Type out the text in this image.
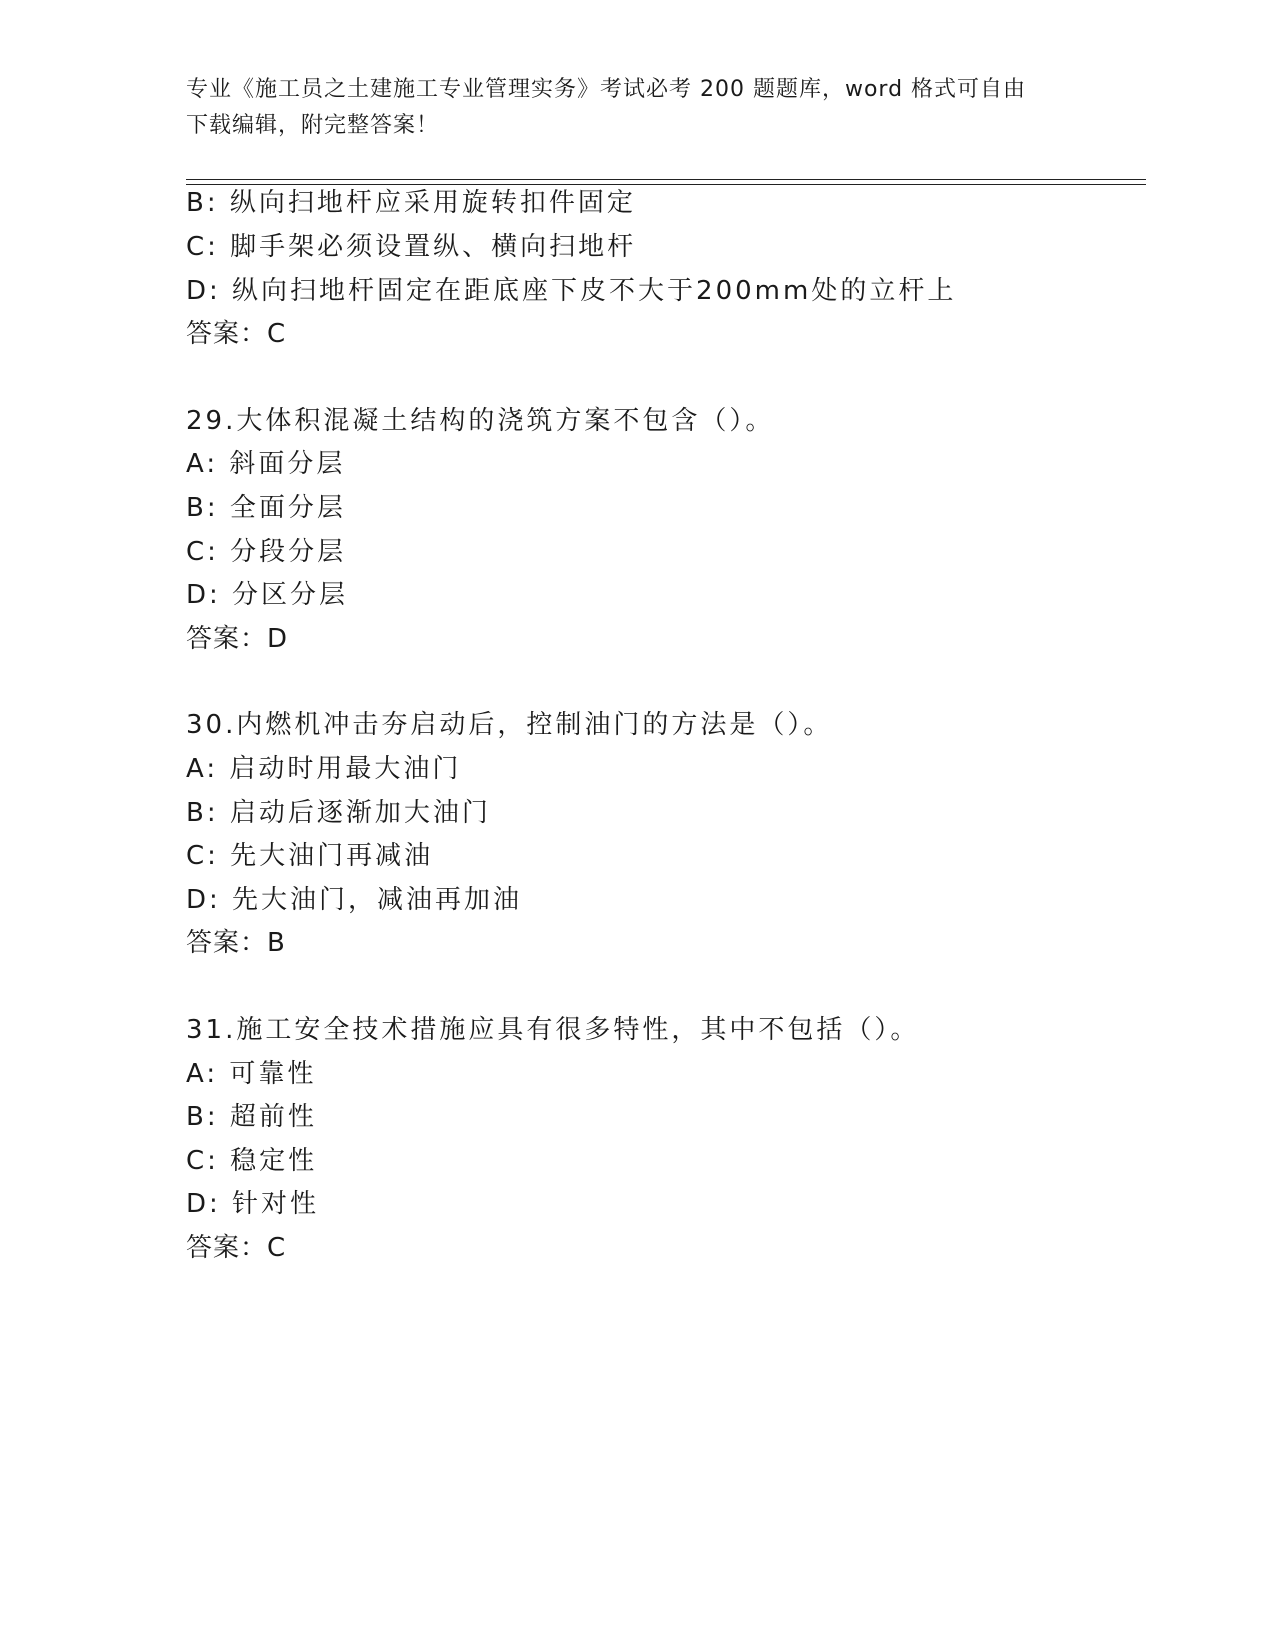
专业《施工员之土建施工专业管理实务》考试必考 200 题题库，word 格式可自由
下载编辑，附完整答案！
B: 纵向扫地杆应采用旋转扣件固定
C: 脚手架必须设置纵、横向扫地杆
D: 纵向扫地杆固定在距底座下皮不大于200mm处的立杆上
答案：C
29.大体积混凝土结构的浇筑方案不包含（）。
A: 斜面分层
B: 全面分层
C: 分段分层
D: 分区分层
答案：D
30.内燃机冲击夯启动后，控制油门的方法是（）。
A: 启动时用最大油门
B: 启动后逐渐加大油门
C: 先大油门再减油
D: 先大油门，减油再加油
答案：B
31.施工安全技术措施应具有很多特性，其中不包括（）。
A: 可靠性
B: 超前性
C: 稳定性
D: 针对性
答案：C
